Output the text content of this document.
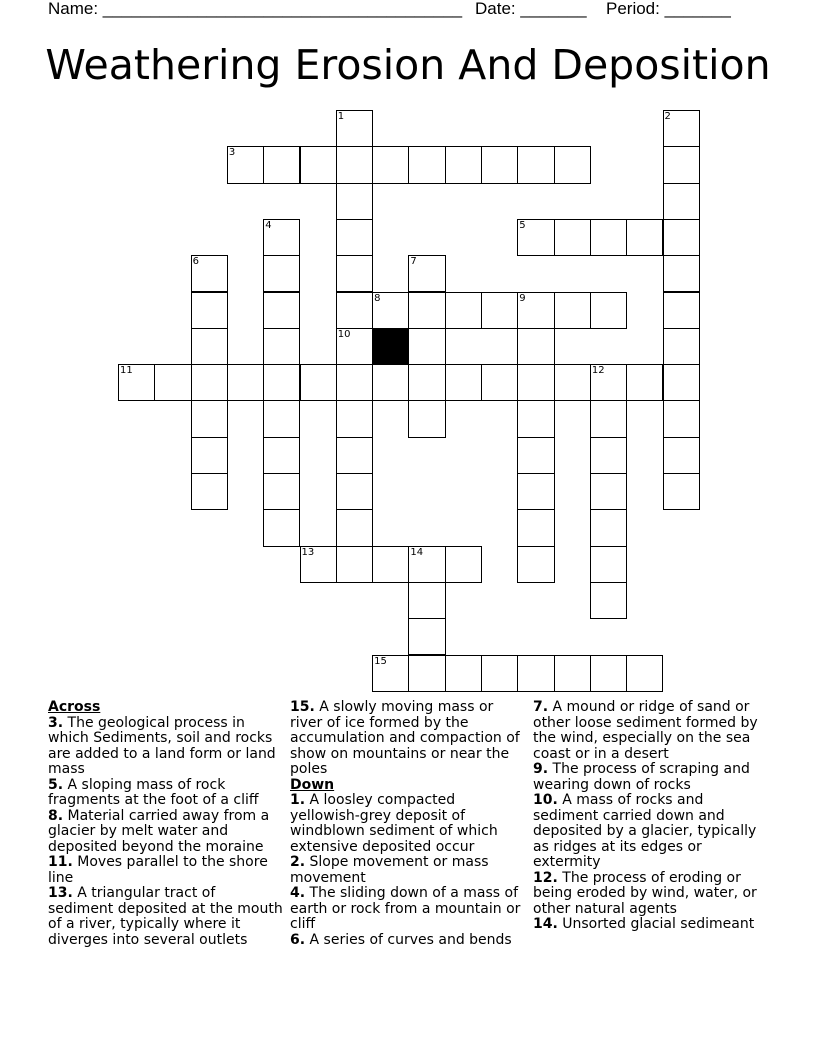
Name: ______________________________________

Date: _______

Period: _______

Weathering Erosion And Deposition
1
10
2
3
4	5
6	7
8	9
11	12
13	14
15
Across
3. The geological process in which Sediments, soil and rocks are added to a land form or land mass
5. A sloping mass of rock fragments at the foot of a cliff
8. Material carried away from a glacier by melt water and deposited beyond the moraine
11. Moves parallel to the shore line
13. A triangular tract of sediment deposited at the mouth of a river, typically where it diverges into several outlets
15. A slowly moving mass or river of ice formed by the accumulation and compaction of show on mountains or near the poles
Down
1. A loosley compacted yellowish-grey deposit of windblown sediment of which extensive deposited occur
2. Slope movement or mass movement
4. The sliding down of a mass of earth or rock from a mountain or cliff
6. A series of curves and bends
7. A mound or ridge of sand or other loose sediment formed by the wind, especially on the sea coast or in a desert
9. The process of scraping and wearing down of rocks
10. A mass of rocks and sediment carried down and deposited by a glacier, typically as ridges at its edges or extermity
12. The process of eroding or being eroded by wind, water, or other natural agents
14. Unsorted glacial sedimeant
